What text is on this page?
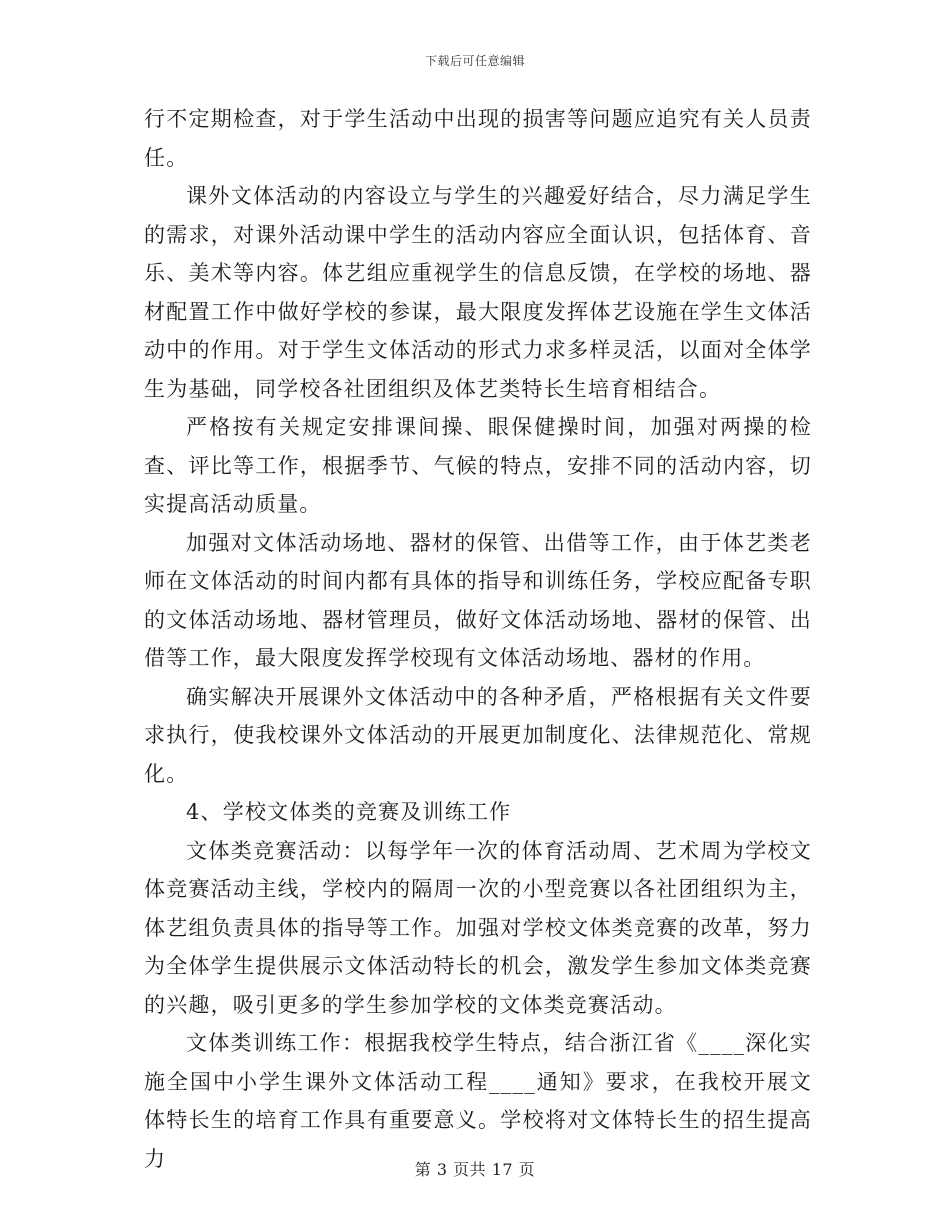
下载后可任意编辑

行不定期检查，对于学生活动中出现的损害等问题应追究有关人员责任。

课外文体活动的内容设立与学生的兴趣爱好结合，尽力满足学生的需求，对课外活动课中学生的活动内容应全面认识，包括体育、音乐、美术等内容。体艺组应重视学生的信息反馈，在学校的场地、器材配置工作中做好学校的参谋，最大限度发挥体艺设施在学生文体活动中的作用。对于学生文体活动的形式力求多样灵活，以面对全体学生为基础，同学校各社团组织及体艺类特长生培育相结合。

严格按有关规定安排课间操、眼保健操时间，加强对两操的检查、评比等工作，根据季节、气候的特点，安排不同的活动内容，切实提高活动质量。

加强对文体活动场地、器材的保管、出借等工作，由于体艺类老师在文体活动的时间内都有具体的指导和训练任务，学校应配备专职的文体活动场地、器材管理员，做好文体活动场地、器材的保管、出借等工作，最大限度发挥学校现有文体活动场地、器材的作用。

确实解决开展课外文体活动中的各种矛盾，严格根据有关文件要求执行，使我校课外文体活动的开展更加制度化、法律规范化、常规化。

4、学校文体类的竞赛及训练工作

文体类竞赛活动：以每学年一次的体育活动周、艺术周为学校文体竞赛活动主线，学校内的隔周一次的小型竞赛以各社团组织为主，体艺组负责具体的指导等工作。加强对学校文体类竞赛的改革，努力为全体学生提供展示文体活动特长的机会，激发学生参加文体类竞赛的兴趣，吸引更多的学生参加学校的文体类竞赛活动。

文体类训练工作：根据我校学生特点，结合浙江省《____深化实施全国中小学生课外文体活动工程____通知》要求，在我校开展文体特长生的培育工作具有重要意义。学校将对文体特长生的招生提高力	第 3 页共 17 页
